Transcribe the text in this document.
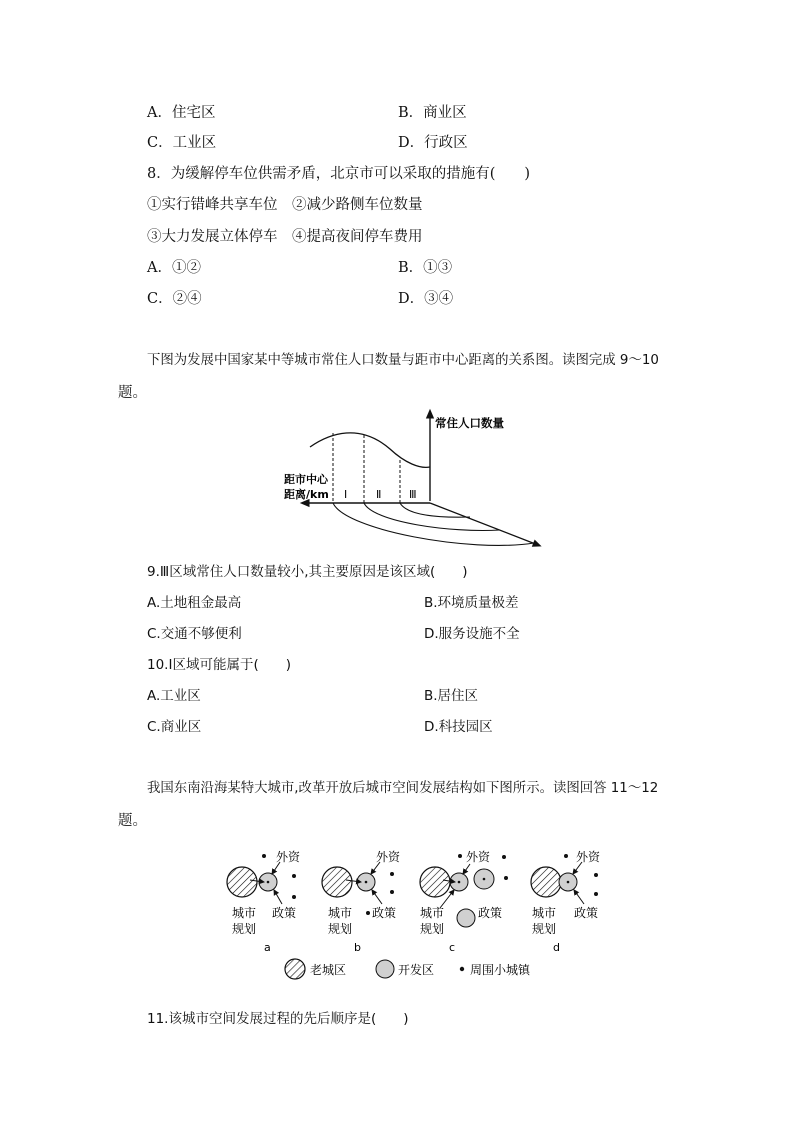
A．住宅区	B．商业区
C．工业区	D．行政区
8．为缓解停车位供需矛盾，北京市可以采取的措施有(　　)
①实行错峰共享车位　②减少路侧车位数量
③大力发展立体停车　④提高夜间停车费用
A．①②	B．①③
C．②④	D．③④
下图为发展中国家某中等城市常住人口数量与距市中心距离的关系图。读图完成 9～10
题。
常住人口数量
距市中心
距离/km Ⅰ	Ⅱ	Ⅲ
9.Ⅲ区域常住人口数量较小,其主要原因是该区域(　　)
A.土地租金最高	B.环境质量极差
C.交通不够便利	D.服务设施不全
10.Ⅰ区域可能属于(　　)
A.工业区	B.居住区
C.商业区	D.科技园区
我国东南沿海某特大城市,改革开放后城市空间发展结构如下图所示。读图回答 11～12
题。
外资
城市
规划
政策
a
外资
城市
规划
政策
b
外资
城市
规划
政策
c
外资
城市
规划
政策
d
老城区	开发区	周围小城镇
11.该城市空间发展过程的先后顺序是(　　)
